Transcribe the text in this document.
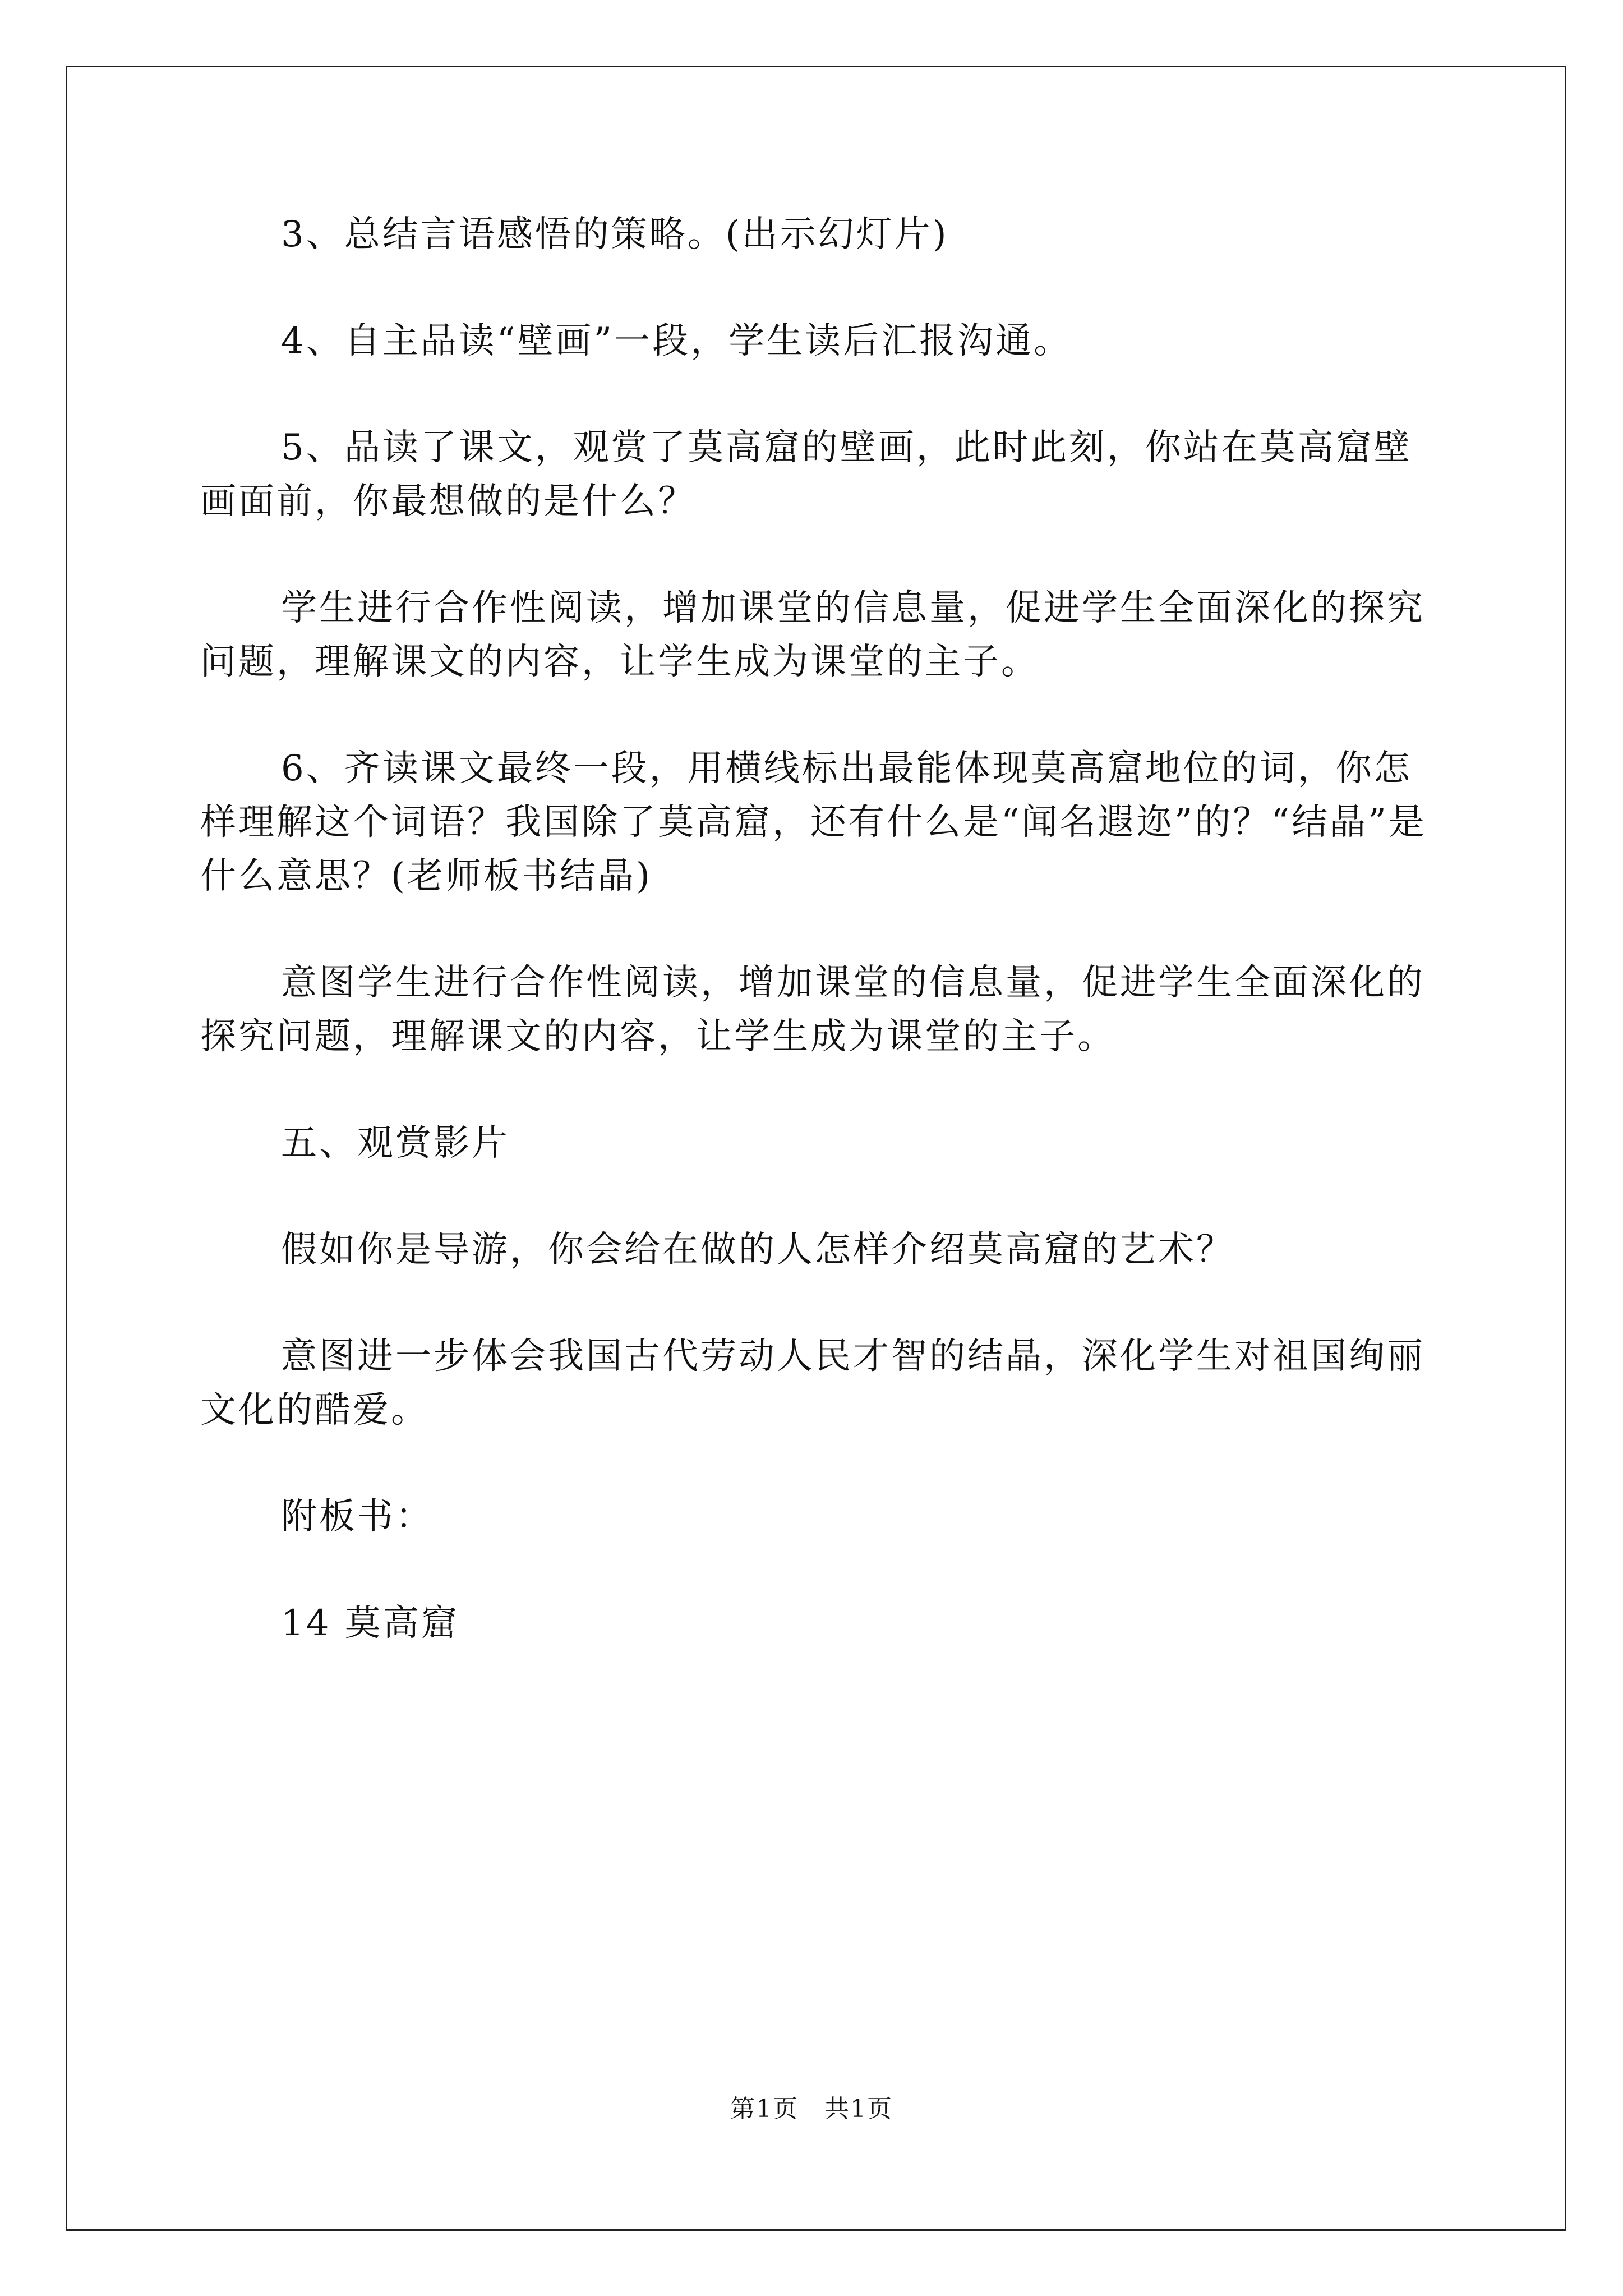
3、总结言语感悟的策略。(出示幻灯片)

4、自主品读“壁画”一段，学生读后汇报沟通。

5、品读了课文，观赏了莫高窟的壁画，此时此刻，你站在莫高窟壁画面前，你最想做的是什么？

学生进行合作性阅读，增加课堂的信息量，促进学生全面深化的探究问题，理解课文的内容，让学生成为课堂的主子。

6、齐读课文最终一段，用横线标出最能体现莫高窟地位的词，你怎样理解这个词语？我国除了莫高窟，还有什么是“闻名遐迩”的？“结晶”是什么意思？(老师板书结晶)

意图学生进行合作性阅读，增加课堂的信息量，促进学生全面深化的探究问题，理解课文的内容，让学生成为课堂的主子。

五、观赏影片

假如你是导游，你会给在做的人怎样介绍莫高窟的艺术？

意图进一步体会我国古代劳动人民才智的结晶，深化学生对祖国绚丽文化的酷爱。

附板书：

14 莫高窟

第1页　共1页
